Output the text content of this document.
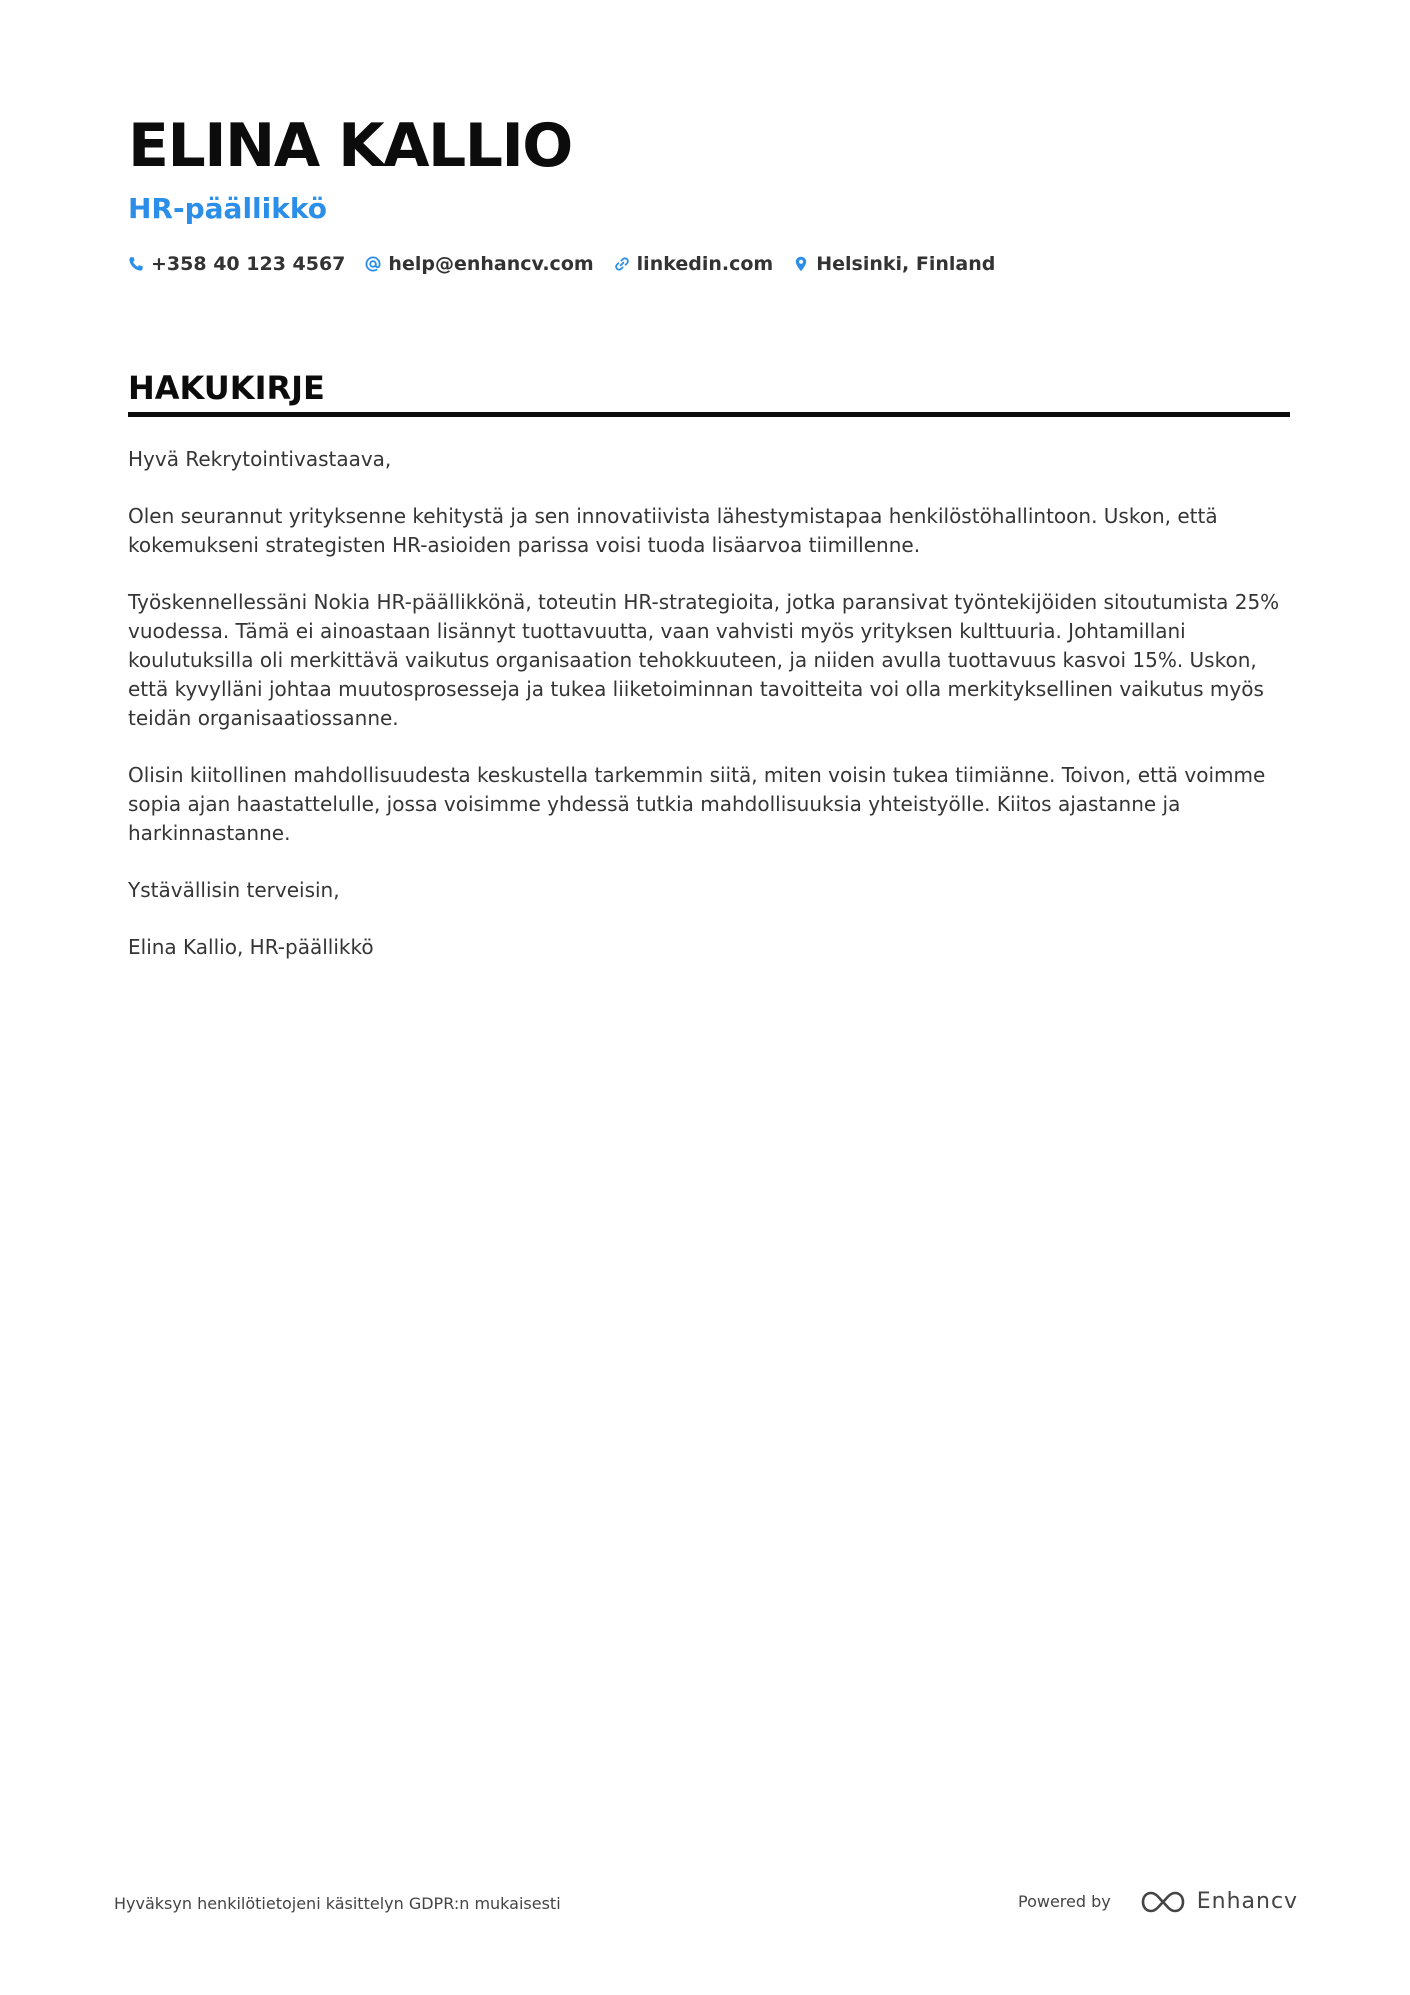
ELINA KALLIO
HR-päällikkö
+358 40 123 4567 help@enhancv.com linkedin.com Helsinki, Finland
HAKUKIRJE

Hyvä Rekrytointivastaava,

Olen seurannut yrityksenne kehitystä ja sen innovatiivista lähestymistapaa henkilöstöhallintoon. Uskon, että kokemukseni strategisten HR-asioiden parissa voisi tuoda lisäarvoa tiimillenne.

Työskennellessäni Nokia HR-päällikkönä, toteutin HR-strategioita, jotka paransivat työntekijöiden sitoutumista 25% vuodessa. Tämä ei ainoastaan lisännyt tuottavuutta, vaan vahvisti myös yrityksen kulttuuria. Johtamillani koulutuksilla oli merkittävä vaikutus organisaation tehokkuuteen, ja niiden avulla tuottavuus kasvoi 15%. Uskon, että kyvylläni johtaa muutosprosesseja ja tukea liiketoiminnan tavoitteita voi olla merkityksellinen vaikutus myös teidän organisaatiossanne.

Olisin kiitollinen mahdollisuudesta keskustella tarkemmin siitä, miten voisin tukea tiimiänne. Toivon, että voimme sopia ajan haastattelulle, jossa voisimme yhdessä tutkia mahdollisuuksia yhteistyölle. Kiitos ajastanne ja harkinnastanne.

Ystävällisin terveisin,

Elina Kallio, HR-päällikkö

Hyväksyn henkilötietojeni käsittelyn GDPR:n mukaisesti	Powered by	Enhancv
